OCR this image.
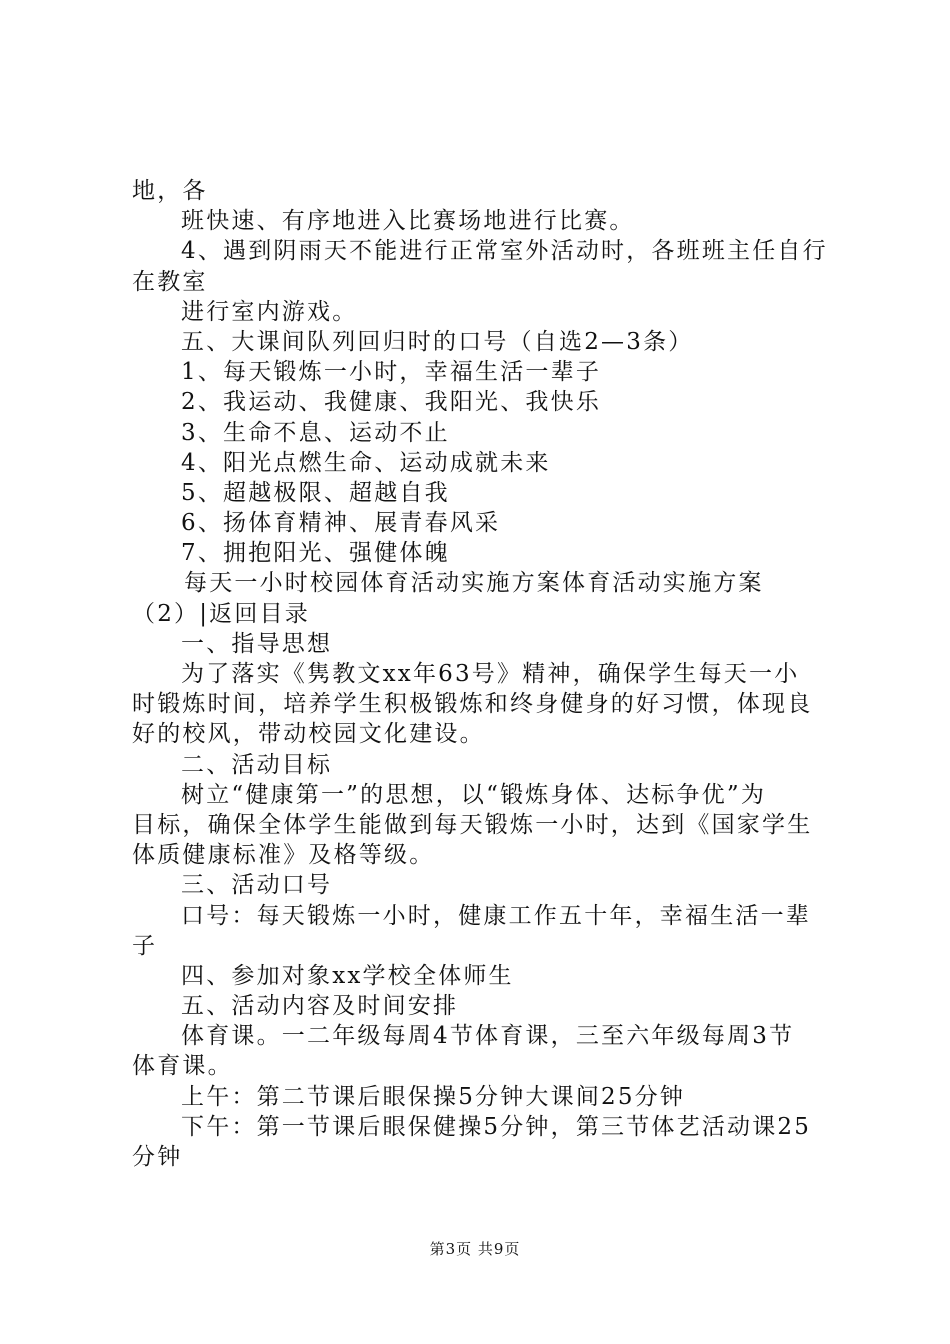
地，各
班快速、有序地进入比赛场地进行比赛。
4、遇到阴雨天不能进行正常室外活动时，各班班主任自行
在教室
进行室内游戏。
五、大课间队列回归时的口号（自选2—3条）
1、每天锻炼一小时，幸福生活一辈子
2、我运动、我健康、我阳光、我快乐
3、生命不息、运动不止
4、阳光点燃生命、运动成就未来
5、超越极限、超越自我
6、扬体育精神、展青春风采
7、拥抱阳光、强健体魄
每天一小时校园体育活动实施方案体育活动实施方案
（2）|返回目录
一、指导思想
为了落实《隽教文xx年63号》精神，确保学生每天一小
时锻炼时间，培养学生积极锻炼和终身健身的好习惯，体现良
好的校风，带动校园文化建设。
二、活动目标
树立“健康第一”的思想，以“锻炼身体、达标争优”为
目标，确保全体学生能做到每天锻炼一小时，达到《国家学生
体质健康标准》及格等级。
三、活动口号
口号：每天锻炼一小时，健康工作五十年，幸福生活一辈
子
四、参加对象xx学校全体师生
五、活动内容及时间安排
体育课。一二年级每周4节体育课，三至六年级每周3节
体育课。
上午：第二节课后眼保操5分钟大课间25分钟
下午：第一节课后眼保健操5分钟，第三节体艺活动课25
分钟
第3页 共9页
